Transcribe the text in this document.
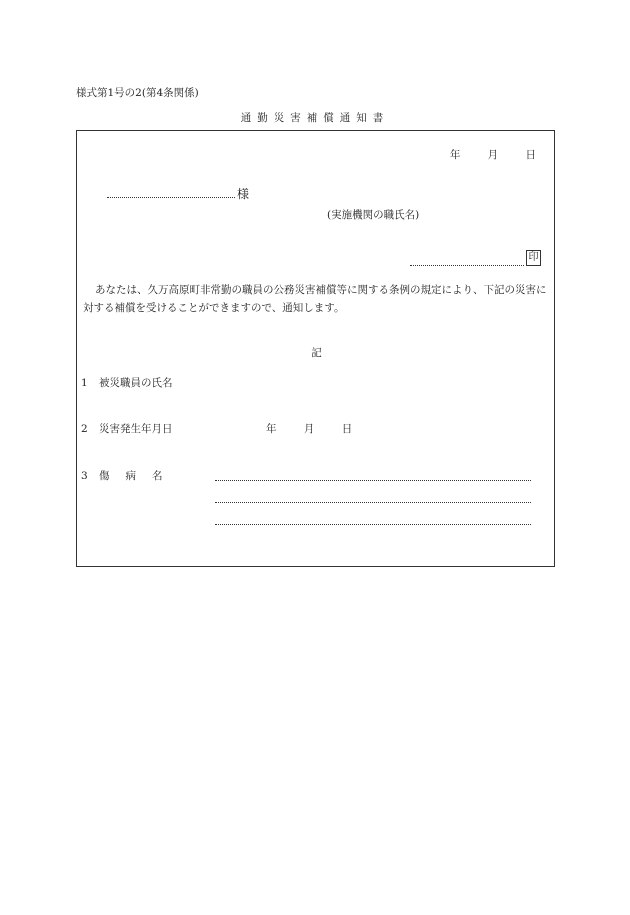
様式第1号の2(第4条関係)
通勤災害補償通知書
年	月	日
様
(実施機関の職氏名)
印
あなたは、久万高原町非常勤の職員の公務災害補償等に関する条例の規定により、下記の災害に対する補償を受けることができますので、通知します。
記
1 被災職員の氏名
2 災害発生年月日	年	月	日
3 傷病名
